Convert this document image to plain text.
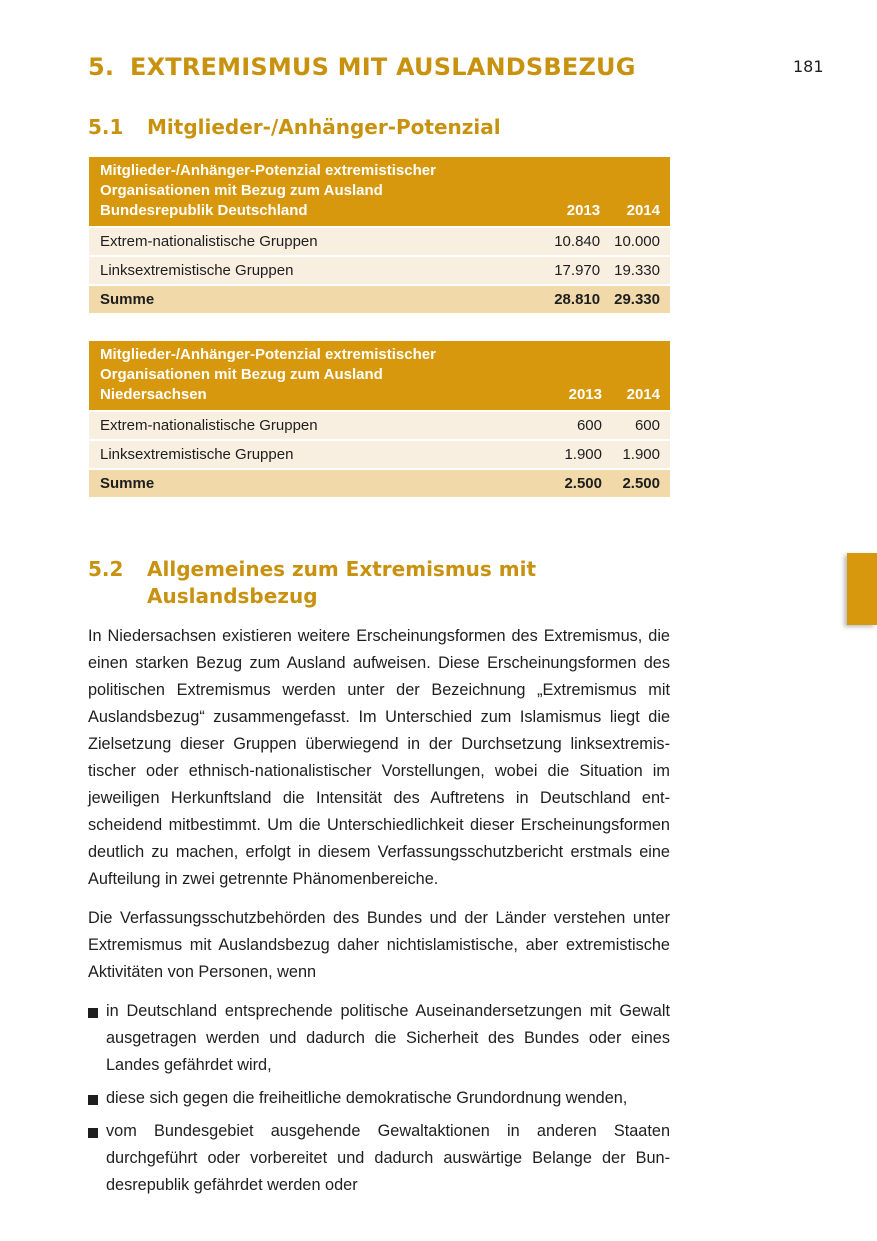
5. EXTREMISMUS MIT AUSLANDSBEZUG	181
5.1 Mitglieder-/Anhänger-Potenzial
Mitglieder-/Anhänger-Potenzial extremistischer
Organisationen mit Bezug zum Ausland
Bundesrepublik Deutschland	2013	2014
Extrem-nationalistische Gruppen	10.840	10.000
Linksextremistische Gruppen	17.970	19.330
Summe	28.810	29.330
Mitglieder-/Anhänger-Potenzial extremistischer
Organisationen mit Bezug zum Ausland
Niedersachsen	2013	2014
Extrem-nationalistische Gruppen	600	600
Linksextremistische Gruppen	1.900	1.900
Summe	2.500	2.500
5.2 Allgemeines zum Extremismus mit
Auslandsbezug

In Niedersachsen existieren weitere Erscheinungsformen des Extremismus, die einen starken Bezug zum Ausland aufweisen. Diese Erscheinungsformen des politischen Extremismus werden unter der Bezeichnung „Extremismus mit Auslandsbezug“ zusammengefasst. Im Unterschied zum Islamismus liegt die Zielsetzung dieser Gruppen überwiegend in der Durchsetzung linksextremistischer oder ethnisch-nationalistischer Vorstellungen, wobei die Situation im jeweiligen Herkunftsland die Intensität des Auftretens in Deutschland entscheidend mitbestimmt. Um die Unterschiedlichkeit dieser Erscheinungsformen deutlich zu machen, erfolgt in diesem Verfassungsschutzbericht erstmals eine Aufteilung in zwei getrennte Phänomenbereiche.

Die Verfassungsschutzbehörden des Bundes und der Länder verstehen unter Extremismus mit Auslandsbezug daher nichtislamistische, aber extremistische Aktivitäten von Personen, wenn

in Deutschland entsprechende politische Auseinandersetzungen mit Gewalt ausgetragen werden und dadurch die Sicherheit des Bundes oder eines Landes gefährdet wird,
diese sich gegen die freiheitliche demokratische Grundordnung wenden,
vom Bundesgebiet ausgehende Gewaltaktionen in anderen Staaten durchgeführt oder vorbereitet und dadurch auswärtige Belange der Bundesrepublik gefährdet werden oder
